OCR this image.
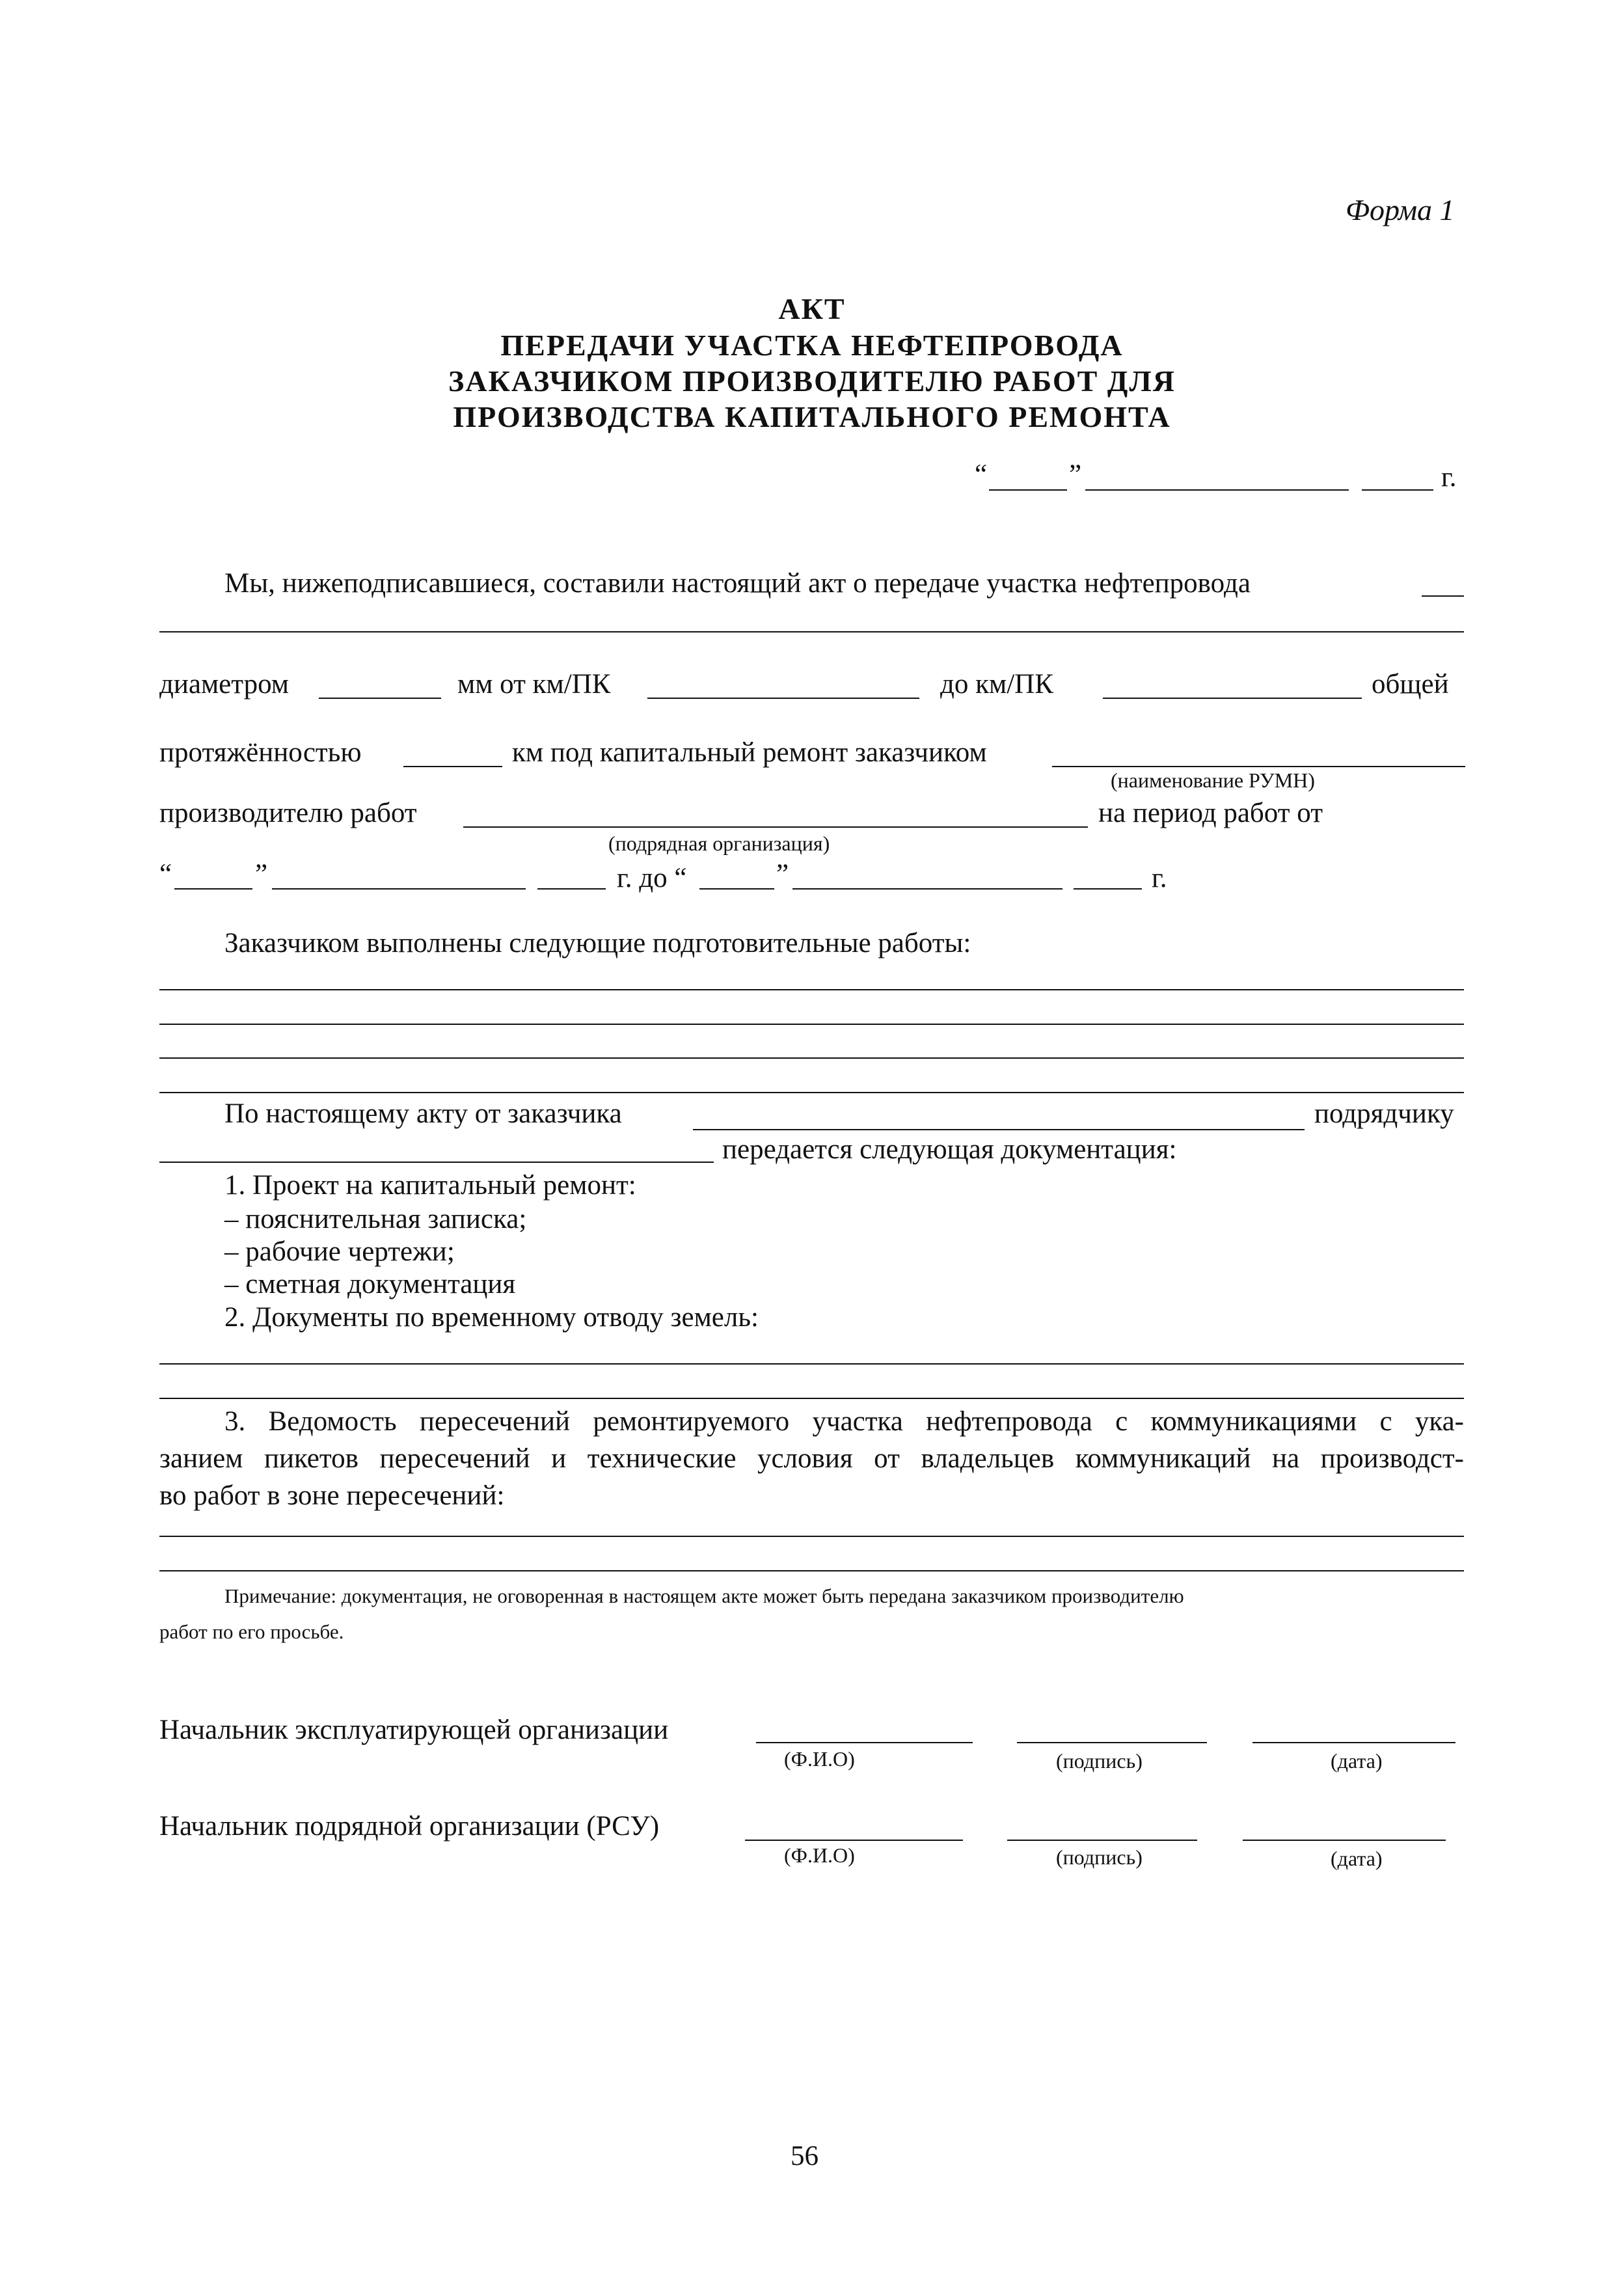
Форма 1
АКТ
ПЕРЕДАЧИ УЧАСТКА НЕФТЕПРОВОДА
ЗАКАЗЧИКОМ ПРОИЗВОДИТЕЛЮ РАБОТ ДЛЯ
ПРОИЗВОДСТВА КАПИТАЛЬНОГО РЕМОНТА
“	”	г.
Мы, нижеподписавшиеся, составили настоящий акт о передаче участка нефтепровода
диаметром	мм от км/ПК	до км/ПК	общей
протяжённостью	км под капитальный ремонт заказчиком
(наименование РУМН)
производителю работ	на период работ от
(подрядная организация)
“	”	г. до “	”	г.
Заказчиком выполнены следующие подготовительные работы:
По настоящему акту от заказчика	подрядчику
передается следующая документация:
1. Проект на капитальный ремонт:
– пояснительная записка;
– рабочие чертежи;
– сметная документация
2. Документы по временному отводу земель:
3. Ведомость пересечений ремонтируемого участка нефтепровода с коммуникациями с ука-
занием пикетов пересечений и технические условия от владельцев коммуникаций на производст-
во работ в зоне пересечений:
Примечание: документация, не оговоренная в настоящем акте может быть передана заказчиком производителю
работ по его просьбе.
Начальник эксплуатирующей организации
(Ф.И.О)	(подпись)	(дата)
Начальник подрядной организации (РСУ)
(Ф.И.О)	(подпись)	(дата)
56
